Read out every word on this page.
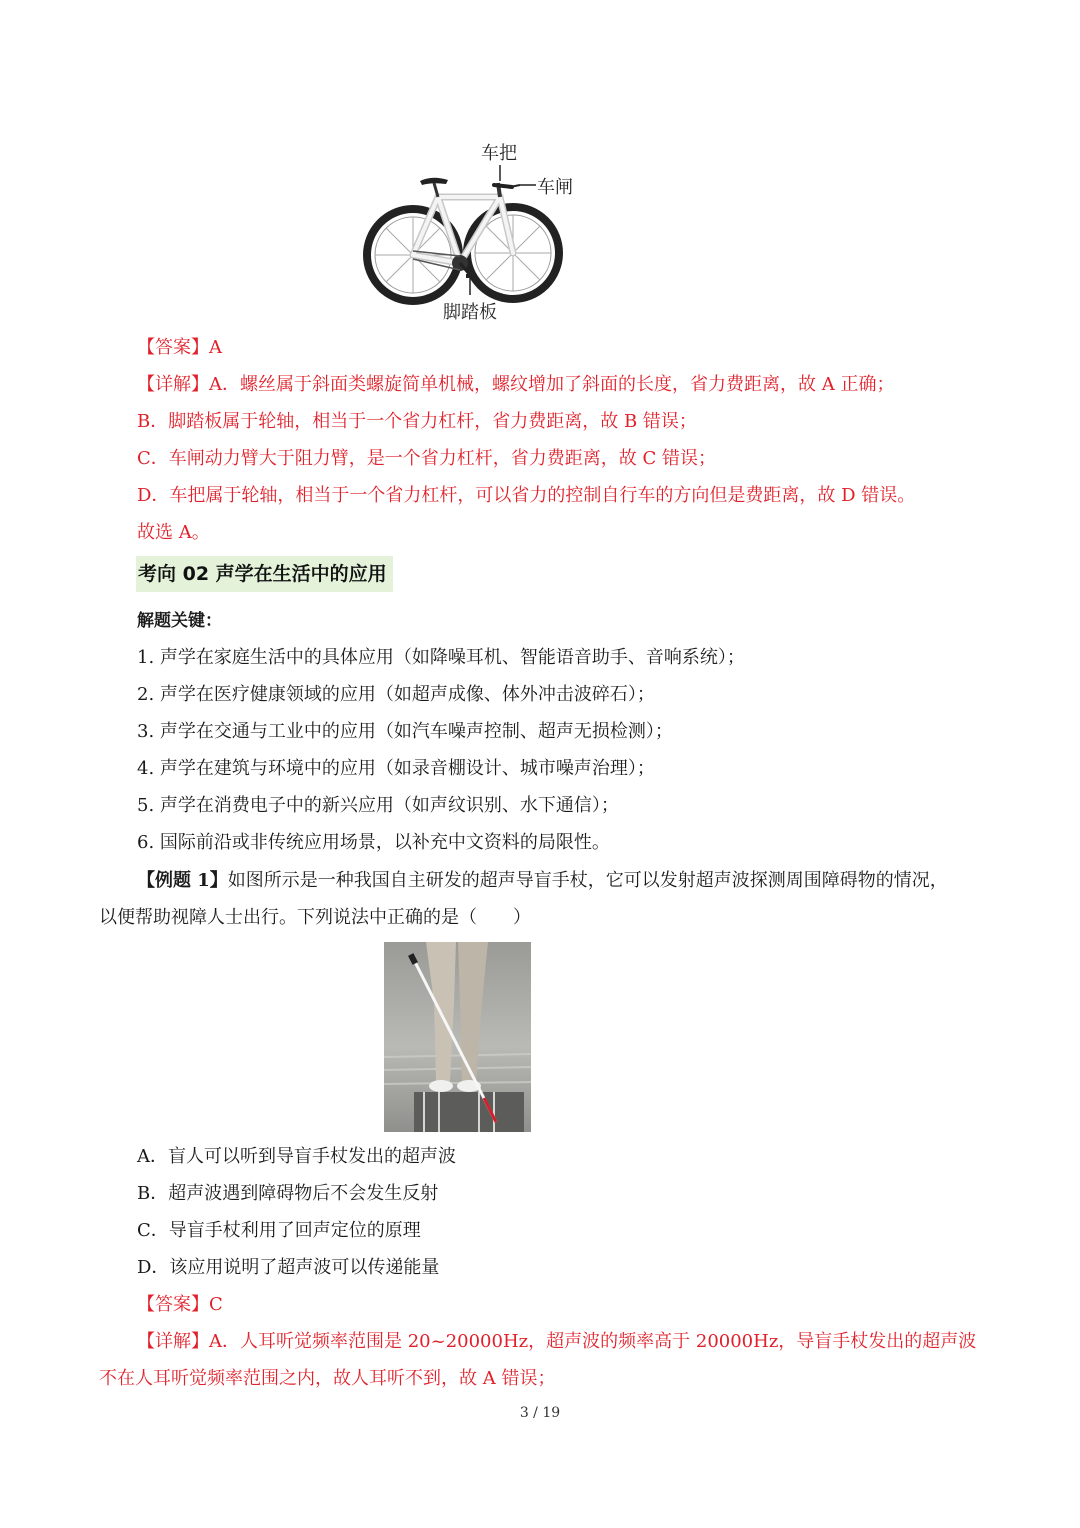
车把
车闸
脚踏板
【答案】A
【详解】A．螺丝属于斜面类螺旋简单机械，螺纹增加了斜面的长度，省力费距离，故 A 正确；
B．脚踏板属于轮轴，相当于一个省力杠杆，省力费距离，故 B 错误；
C．车闸动力臂大于阻力臂，是一个省力杠杆，省力费距离，故 C 错误；
D．车把属于轮轴，相当于一个省力杠杆，可以省力的控制自行车的方向但是费距离，故 D 错误。
故选 A。
考向 02 声学在生活中的应用
解题关键：
1. 声学在家庭生活中的具体应用（如降噪耳机、智能语音助手、音响系统）；
2. 声学在医疗健康领域的应用（如超声成像、体外冲击波碎石）；
3. 声学在交通与工业中的应用（如汽车噪声控制、超声无损检测）；
4. 声学在建筑与环境中的应用（如录音棚设计、城市噪声治理）；
5. 声学在消费电子中的新兴应用（如声纹识别、水下通信）；
6. 国际前沿或非传统应用场景，以补充中文资料的局限性。
【例题 1】如图所示是一种我国自主研发的超声导盲手杖，它可以发射超声波探测周围障碍物的情况，
以便帮助视障人士出行。下列说法中正确的是（　　）
A．盲人可以听到导盲手杖发出的超声波
B．超声波遇到障碍物后不会发生反射
C．导盲手杖利用了回声定位的原理
D．该应用说明了超声波可以传递能量
【答案】C
【详解】A．人耳听觉频率范围是 20~20000Hz，超声波的频率高于 20000Hz，导盲手杖发出的超声波
不在人耳听觉频率范围之内，故人耳听不到，故 A 错误；
3 / 19
